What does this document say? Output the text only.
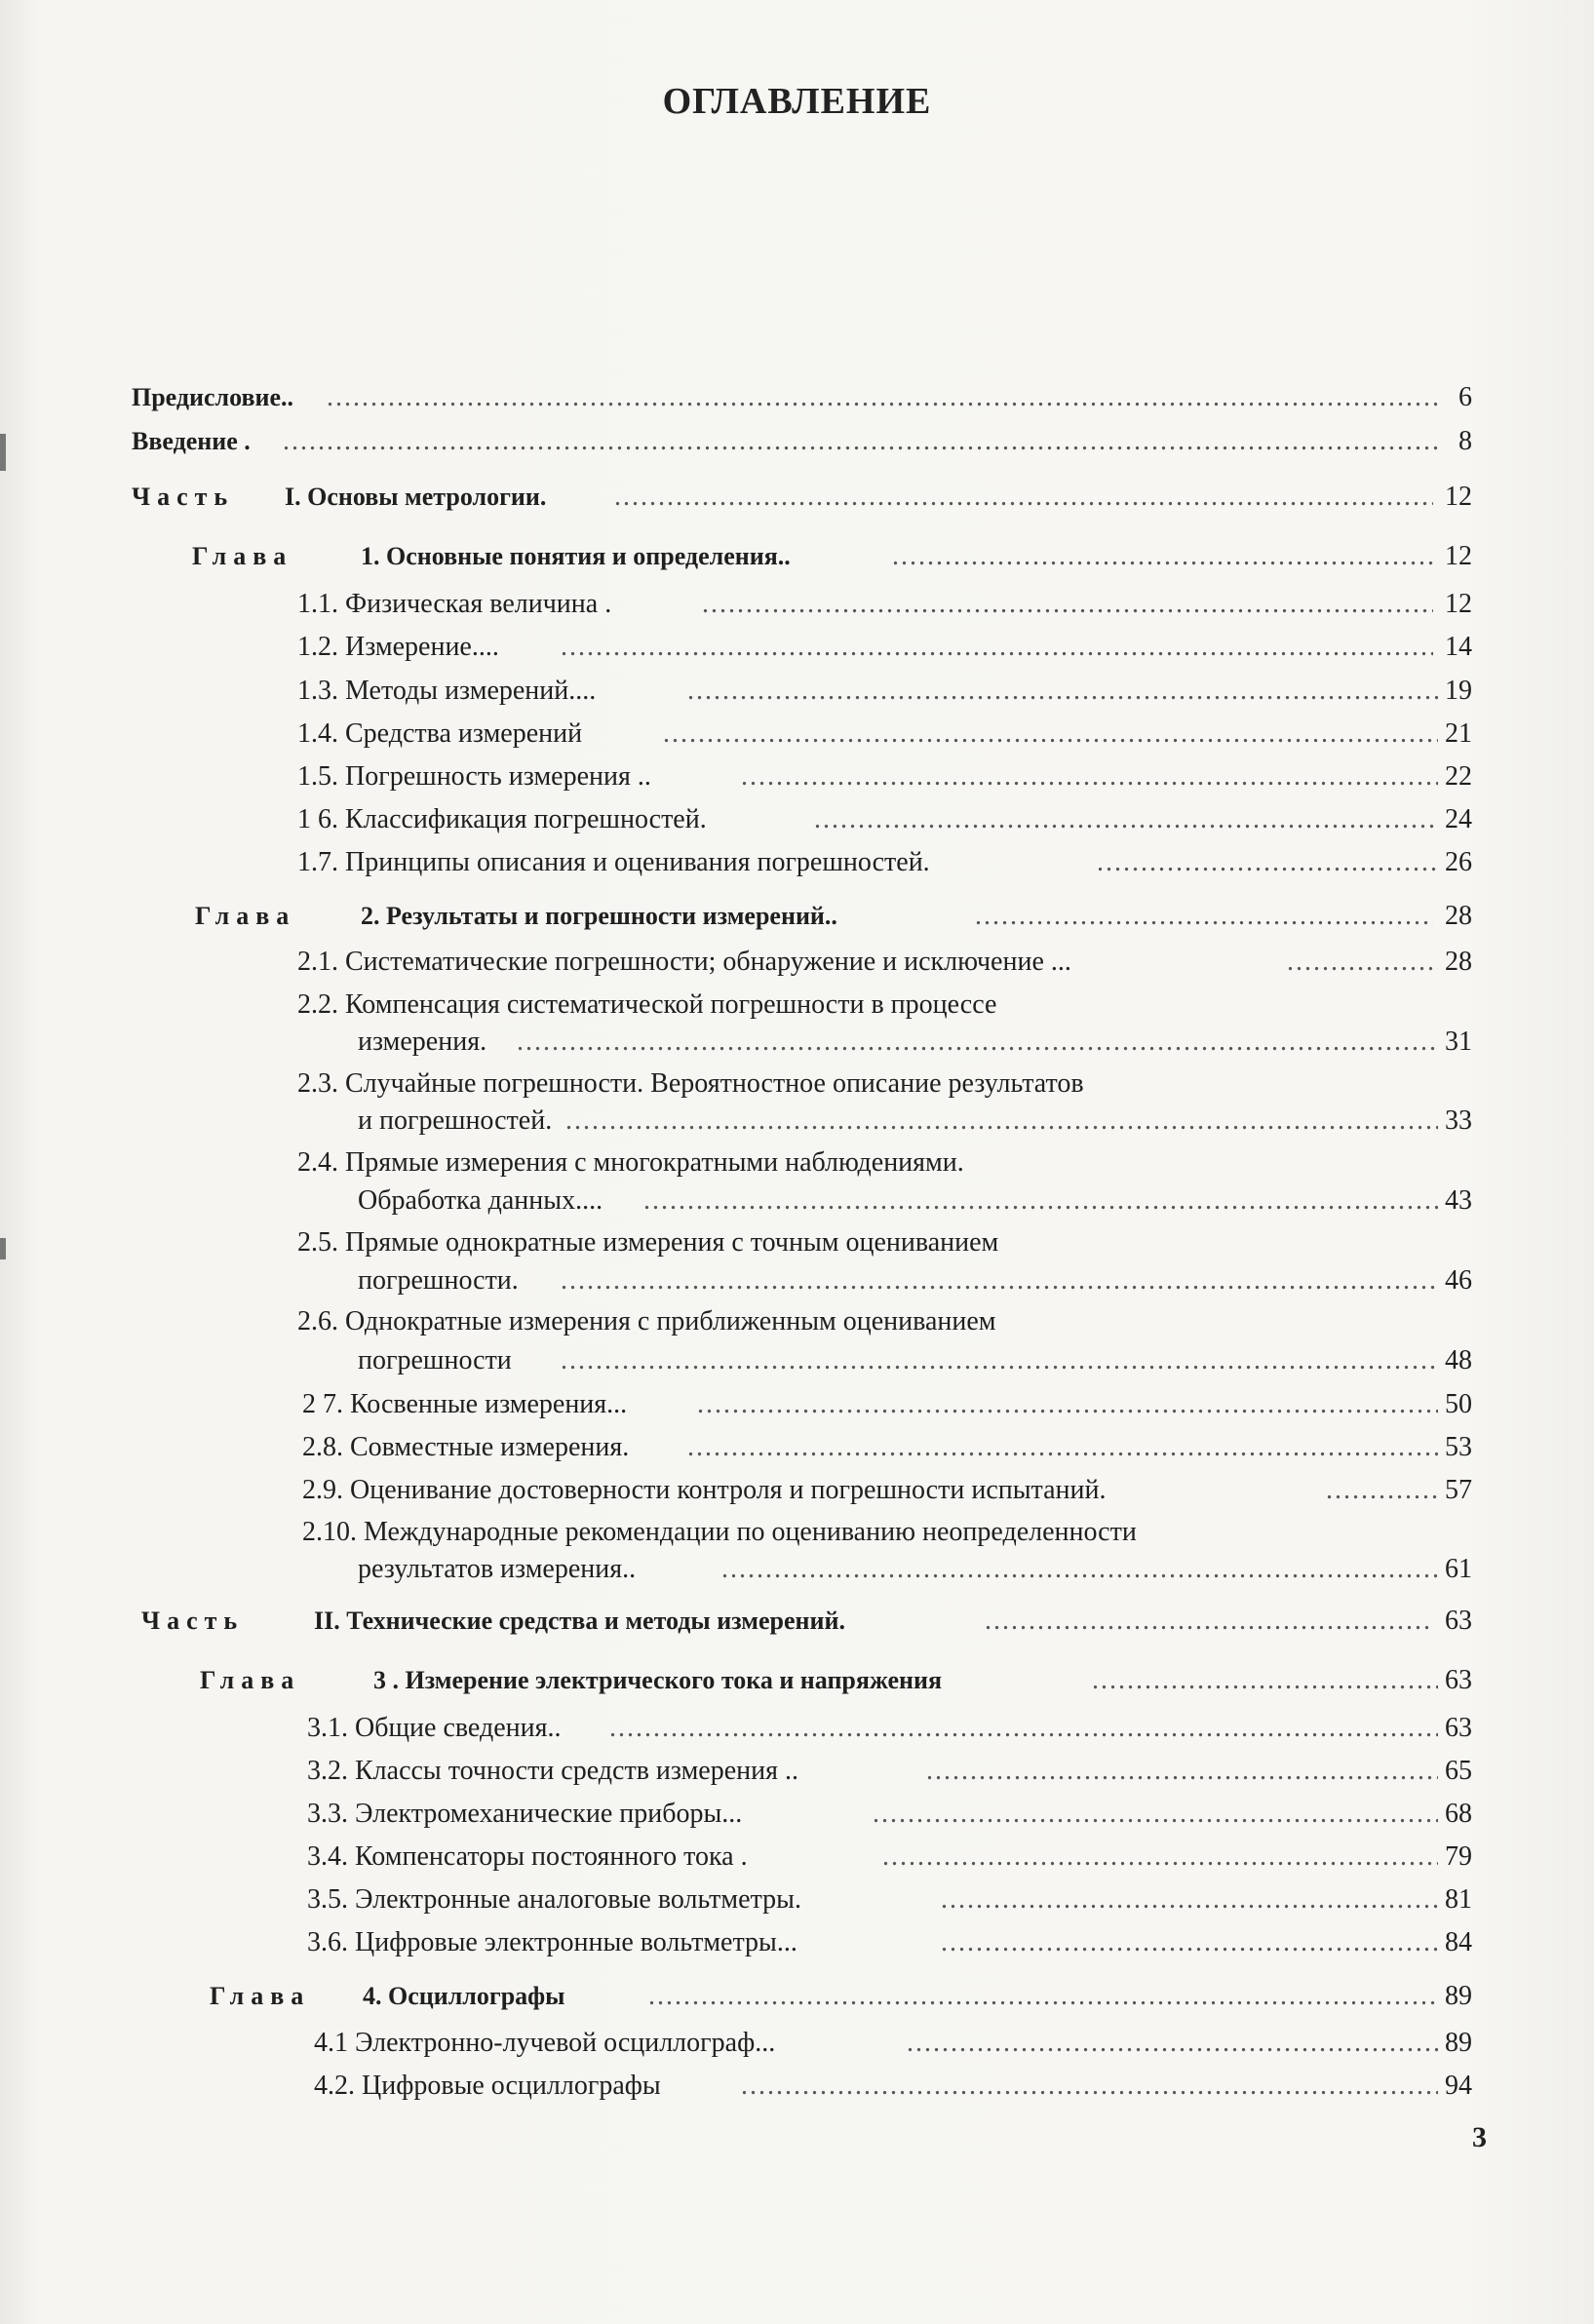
ОГЛАВЛЕНИЕ
Предисловие.. .....	6
Введение . .....	8
Часть I. Основы метрологии. .....	12
Глава	1. Основные понятия и определения.. .....	12
1.1. Физическая величина . .....	12
1.2. Измерение.... .....	14
1.3. Методы измерений.... .....	19
1.4. Средства измерений .....	21
1.5. Погрешность измерения .. .....	22
1 6. Классификация погрешностей. .....	24
1.7. Принципы описания и оценивания погрешностей. .....	26
Глава	2. Результаты и погрешности измерений.. .....	28
2.1. Систематические погрешности; обнаружение и исключение ... .....	28
2.2. Компенсация систематической погрешности в процессе
измерения. .....	31
2.3. Случайные погрешности. Вероятностное описание результатов
и погрешностей. .....	33
2.4. Прямые измерения с многократными наблюдениями.
Обработка данных.... .....	43
2.5. Прямые однократные измерения с точным оцениванием
погрешности. .....	46
2.6. Однократные измерения с приближенным оцениванием
погрешности .....	48
2 7. Косвенные измерения... .....	50
2.8. Совместные измерения. .....	53
2.9. Оценивание достоверности контроля и погрешности испытаний. .....	57
2.10. Международные рекомендации по оцениванию неопределенности
результатов измерения.. .....	61
Часть	II. Технические средства и методы измерений. .....	63
Глава	3 . Измерение электрического тока и напряжения .....	63
3.1. Общие сведения.. .....	63
3.2. Классы точности средств измерения .. .....	65
3.3. Электромеханические приборы... .....	68
3.4. Компенсаторы постоянного тока . .....	79
3.5. Электронные аналоговые вольтметры. .....	81
3.6. Цифровые электронные вольтметры... .....	84
Глава 4. Осциллографы .....	89
4.1 Электронно-лучевой осциллограф... .....	89
4.2. Цифровые осциллографы .....	94
3
